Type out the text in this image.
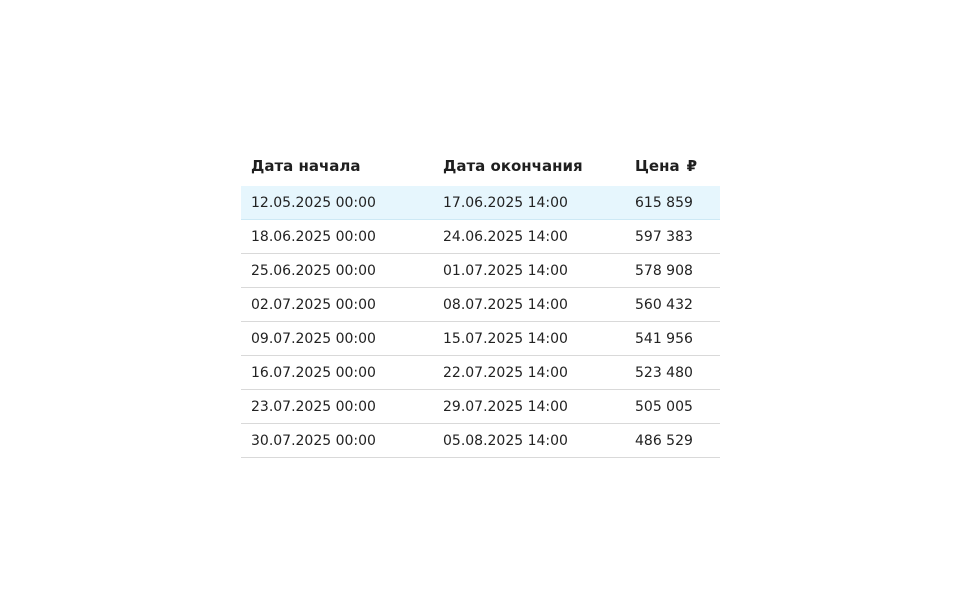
Дата начала	Дата окончания	Цена ₽
12.05.2025 00:00	17.06.2025 14:00	615 859
18.06.2025 00:00	24.06.2025 14:00	597 383
25.06.2025 00:00	01.07.2025 14:00	578 908
02.07.2025 00:00	08.07.2025 14:00	560 432
09.07.2025 00:00	15.07.2025 14:00	541 956
16.07.2025 00:00	22.07.2025 14:00	523 480
23.07.2025 00:00	29.07.2025 14:00	505 005
30.07.2025 00:00	05.08.2025 14:00	486 529
